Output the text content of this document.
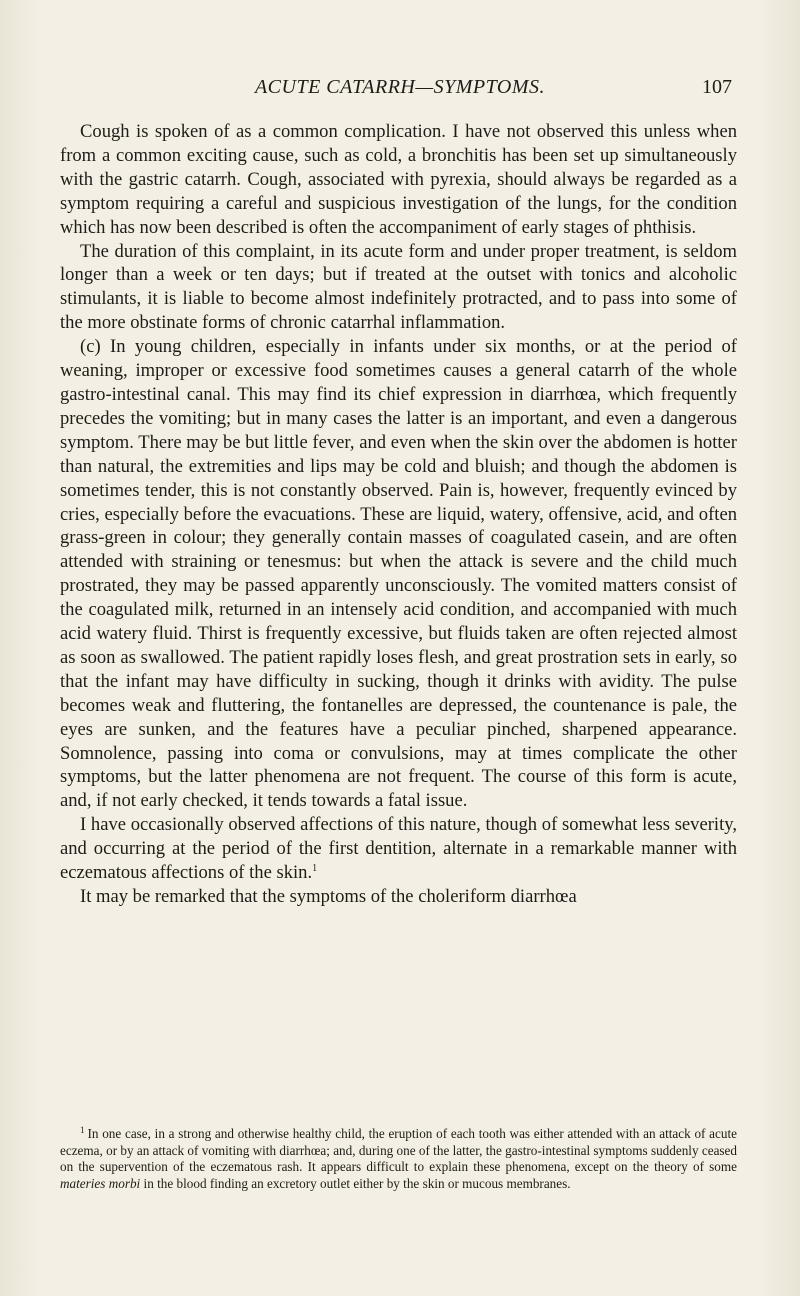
ACUTE CATARRH—SYMPTOMS.	107

Cough is spoken of as a common complication. I have not observed this unless when from a common exciting cause, such as cold, a bronchitis has been set up simultaneously with the gastric catarrh. Cough, associated with pyrexia, should always be regarded as a symptom requiring a careful and suspicious investigation of the lungs, for the condition which has now been described is often the accompaniment of early stages of phthisis.

The duration of this complaint, in its acute form and under proper treatment, is seldom longer than a week or ten days; but if treated at the outset with tonics and alcoholic stimulants, it is liable to become almost indefinitely protracted, and to pass into some of the more obstinate forms of chronic catarrhal inflammation.

(c) In young children, especially in infants under six months, or at the period of weaning, improper or excessive food sometimes causes a general catarrh of the whole gastro-intestinal canal. This may find its chief expression in diarrhœa, which frequently precedes the vomiting; but in many cases the latter is an important, and even a dangerous symptom. There may be but little fever, and even when the skin over the abdomen is hotter than natural, the extremities and lips may be cold and bluish; and though the abdomen is sometimes tender, this is not constantly observed. Pain is, however, frequently evinced by cries, especially before the evacuations. These are liquid, watery, offensive, acid, and often grass-green in colour; they generally contain masses of coagulated casein, and are often attended with straining or tenesmus: but when the attack is severe and the child much prostrated, they may be passed apparently unconsciously. The vomited matters consist of the coagulated milk, returned in an intensely acid condition, and accompanied with much acid watery fluid. Thirst is frequently excessive, but fluids taken are often rejected almost as soon as swallowed. The patient rapidly loses flesh, and great prostration sets in early, so that the infant may have difficulty in sucking, though it drinks with avidity. The pulse becomes weak and fluttering, the fontanelles are depressed, the countenance is pale, the eyes are sunken, and the features have a peculiar pinched, sharpened appearance. Somnolence, passing into coma or convulsions, may at times complicate the other symptoms, but the latter phenomena are not frequent. The course of this form is acute, and, if not early checked, it tends towards a fatal issue.

I have occasionally observed affections of this nature, though of somewhat less severity, and occurring at the period of the first dentition, alternate in a remarkable manner with eczematous affections of the skin.$^1$

It may be remarked that the symptoms of the choleriform diarrhœa

$^1$ In one case, in a strong and otherwise healthy child, the eruption of each tooth was either attended with an attack of acute eczema, or by an attack of vomiting with diarrhœa; and, during one of the latter, the gastro-intestinal symptoms suddenly ceased on the supervention of the eczematous rash. It appears difficult to explain these phenomena, except on the theory of some materies morbi in the blood finding an excretory outlet either by the skin or mucous membranes.
